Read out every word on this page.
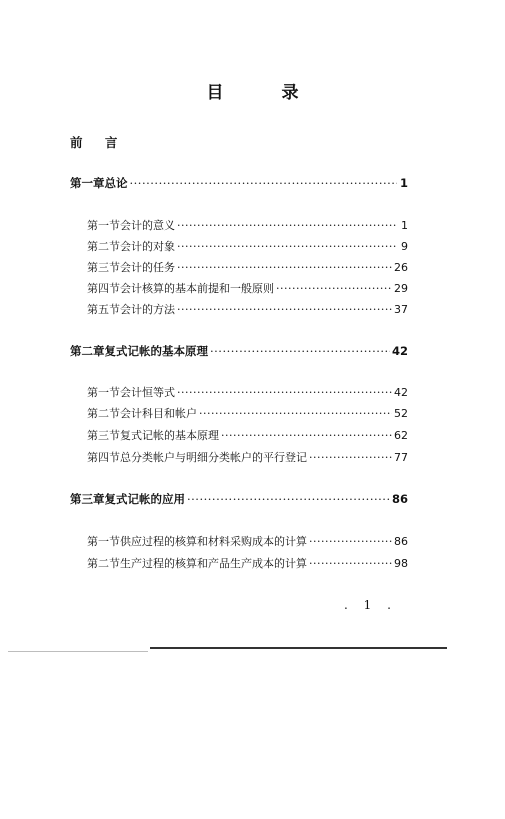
目 录
前 言
第一章 总论 ·····	1
第一节 会计的意义 ·····	1
第二节 会计的对象 ·····	9
第三节 会计的任务 ·····	26
第四节 会计核算的基本前提和一般原则 ·····	29
第五节 会计的方法 ·····	37
第二章 复式记帐的基本原理 ·····	42
第一节 会计恒等式 ·····	42
第二节 会计科目和帐户 ·····	52
第三节 复式记帐的基本原理 ·····	62
第四节 总分类帐户与明细分类帐户的平行登记 ·····	77
第三章 复式记帐的应用 ·····	86
第一节 供应过程的核算和材料采购成本的计算 ·····	86
第二节 生产过程的核算和产品生产成本的计算 ·····	98
. 1 .
